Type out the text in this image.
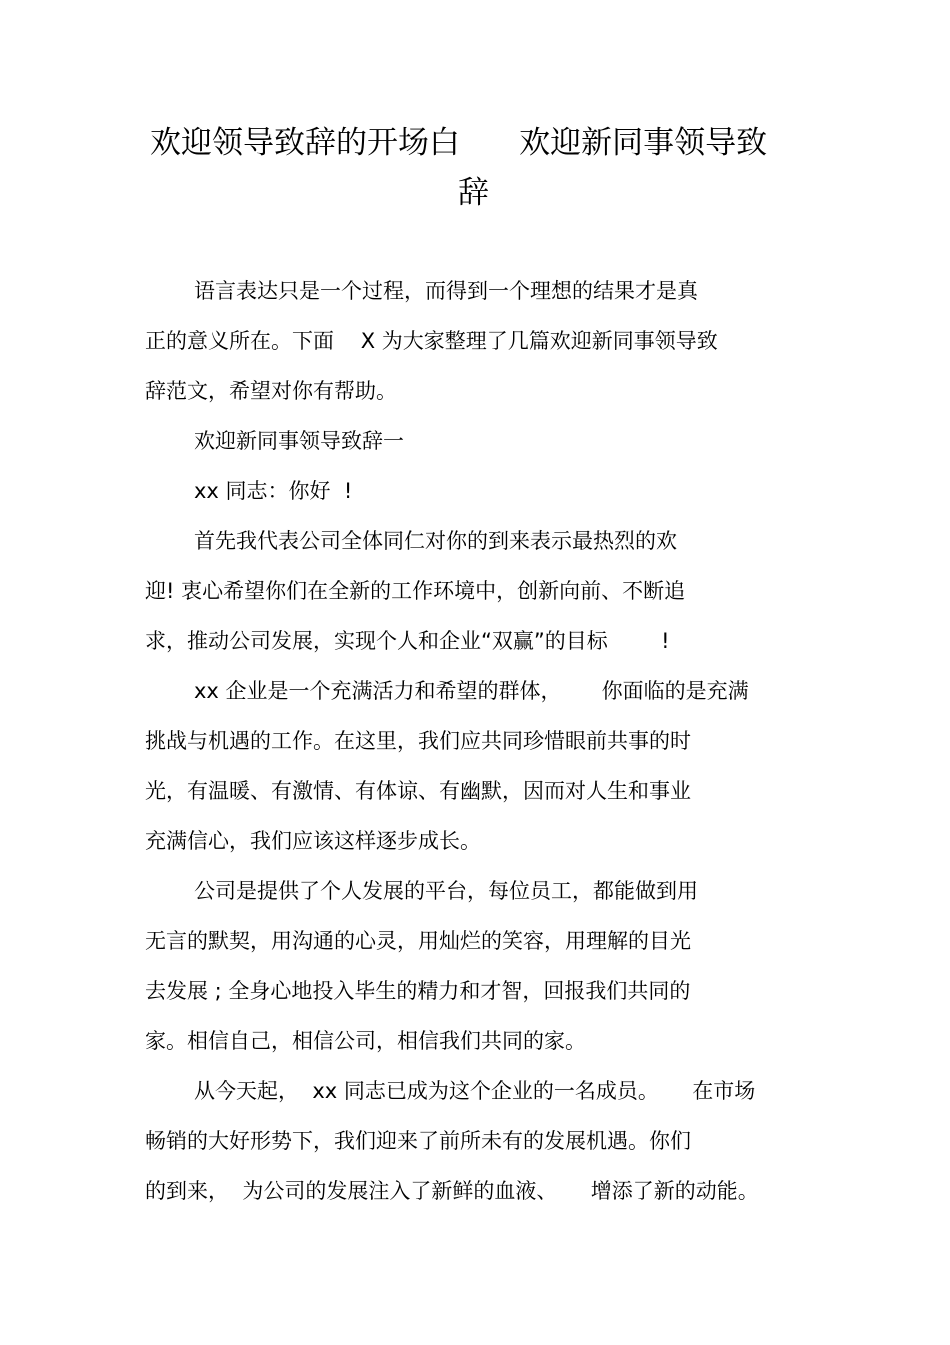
欢迎领导致辞的开场白      欢迎新同事领导致
辞
语言表达只是一个过程，而得到一个理想的结果才是真
正的意义所在。下面    X 为大家整理了几篇欢迎新同事领导致
辞范文，希望对你有帮助。
欢迎新同事领导致辞一
xx 同志：你好  !
首先我代表公司全体同仁对你的到来表示最热烈的欢
迎! 衷心希望你们在全新的工作环境中，创新向前、不断追
求，推动公司发展，实现个人和企业“双赢”的目标        !
xx 企业是一个充满活力和希望的群体，      你面临的是充满
挑战与机遇的工作。在这里，我们应共同珍惜眼前共事的时
光，有温暖、有激情、有体谅、有幽默，因而对人生和事业
充满信心，我们应该这样逐步成长。
公司是提供了个人发展的平台，每位员工，都能做到用
无言的默契，用沟通的心灵，用灿烂的笑容，用理解的目光
去发展 ; 全身心地投入毕生的精力和才智，回报我们共同的
家。相信自己，相信公司，相信我们共同的家。
从今天起，  xx 同志已成为这个企业的一名成员。     在市场
畅销的大好形势下，我们迎来了前所未有的发展机遇。你们
的到来，  为公司的发展注入了新鲜的血液、     增添了新的动能。
